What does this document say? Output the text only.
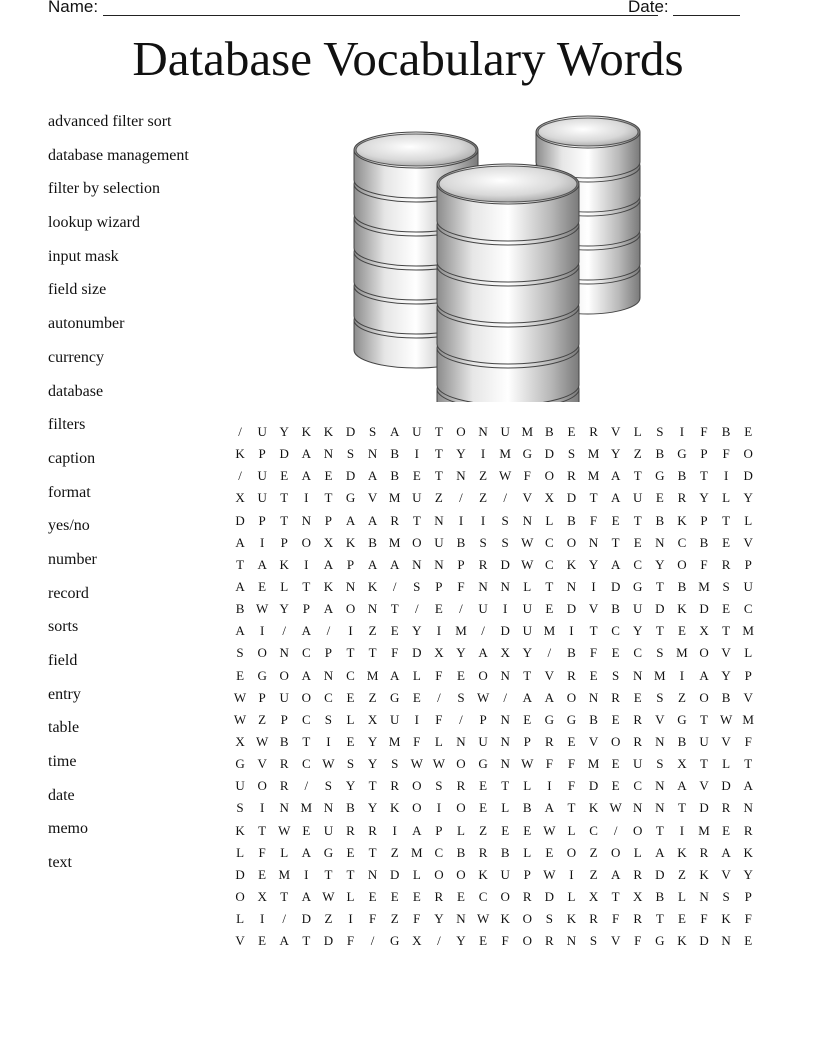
Name:	Date:
Database Vocabulary Words
advanced filter sort
database management
filter by selection
lookup wizard
input mask
field size
autonumber
currency
database
filters
caption
format
yes/no
number
record
sorts
field
entry
table
time
date
memo
text
/	U	Y	K	K	D	S	A	U	T	O	N	U	M	B	E	R	V	L	S	I	F	B	E
K	P	D	A	N	S	N	B	I	T	Y	I	M	G	D	S	M	Y	Z	B	G	P	F	O
/	U	E	A	E	D	A	B	E	T	N	Z	W	F	O	R	M	A	T	G	B	T	I	D
X	U	T	I	T	G	V	M	U	Z	/	Z	/	V	X	D	T	A	U	E	R	Y	L	Y
D	P	T	N	P	A	A	R	T	N	I	I	S	N	L	B	F	E	T	B	K	P	T	L
A	I	P	O	X	K	B	M	O	U	B	S	S	W	C	O	N	T	E	N	C	B	E	V
T	A	K	I	A	P	A	A	N	N	P	R	D	W	C	K	Y	A	C	Y	O	F	R	P
A	E	L	T	K	N	K	/	S	P	F	N	N	L	T	N	I	D	G	T	B	M	S	U
B	W	Y	P	A	O	N	T	/	E	/	U	I	U	E	D	V	B	U	D	K	D	E	C
A	I	/	A	/	I	Z	E	Y	I	M	/	D	U	M	I	T	C	Y	T	E	X	T	M
S	O	N	C	P	T	T	F	D	X	Y	A	X	Y	/	B	F	E	C	S	M	O	V	L
E	G	O	A	N	C	M	A	L	F	E	O	N	T	V	R	E	S	N	M	I	A	Y	P
W	P	U	O	C	E	Z	G	E	/	S	W	/	A	A	O	N	R	E	S	Z	O	B	V
W	Z	P	C	S	L	X	U	I	F	/	P	N	E	G	G	B	E	R	V	G	T	W	M
X	W	B	T	I	E	Y	M	F	L	N	U	N	P	R	E	V	O	R	N	B	U	V	F
G	V	R	C	W	S	Y	S	W	W	O	G	N	W	F	F	M	E	U	S	X	T	L	T
U	O	R	/	S	Y	T	R	O	S	R	E	T	L	I	F	D	E	C	N	A	V	D	A
S	I	N	M	N	B	Y	K	O	I	O	E	L	B	A	T	K	W	N	N	T	D	R	N
K	T	W	E	U	R	R	I	A	P	L	Z	E	E	W	L	C	/	O	T	I	M	E	R
L	F	L	A	G	E	T	Z	M	C	B	R	B	L	E	O	Z	O	L	A	K	R	A	K
D	E	M	I	T	T	N	D	L	O	O	K	U	P	W	I	Z	A	R	D	Z	K	V	Y
O	X	T	A	W	L	E	E	E	R	E	C	O	R	D	L	X	T	X	B	L	N	S	P
L	I	/	D	Z	I	F	Z	F	Y	N	W	K	O	S	K	R	F	R	T	E	F	K	F
V	E	A	T	D	F	/	G	X	/	Y	E	F	O	R	N	S	V	F	G	K	D	N	E
